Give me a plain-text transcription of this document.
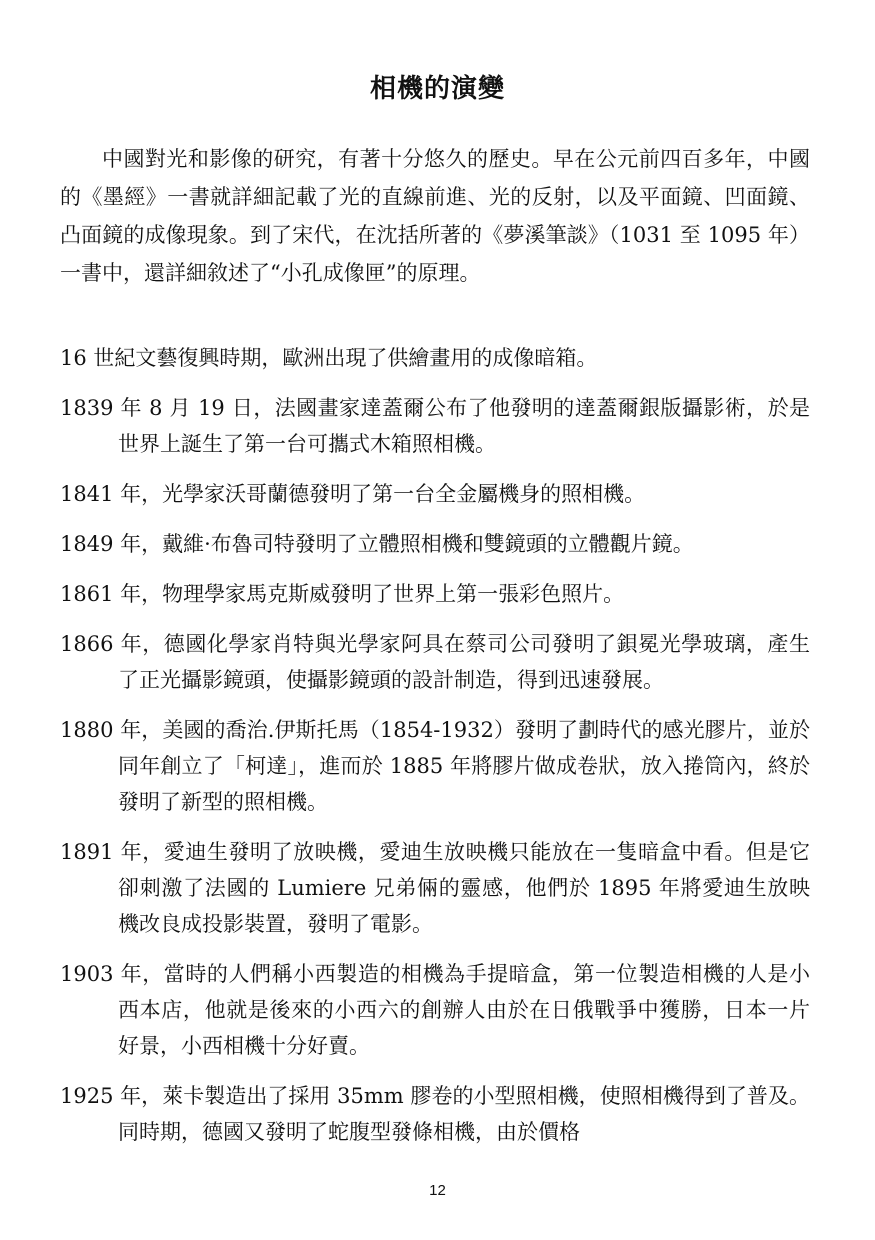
相機的演變

中國對光和影像的研究，有著十分悠久的歷史。早在公元前四百多年，中國的《墨經》一書就詳細記載了光的直線前進、光的反射，以及平面鏡、凹面鏡、凸面鏡的成像現象。到了宋代，在沈括所著的《夢溪筆談》（1031 至 1095 年）一書中，還詳細敘述了“小孔成像匣”的原理。

16 世紀文藝復興時期，歐洲出現了供繪畫用的成像暗箱。
1839 年 8 月 19 日，法國畫家達蓋爾公布了他發明的達蓋爾銀版攝影術，於是世界上誕生了第一台可攜式木箱照相機。
1841 年，光學家沃哥蘭德發明了第一台全金屬機身的照相機。
1849 年，戴維·布魯司特發明了立體照相機和雙鏡頭的立體觀片鏡。
1861 年，物理學家馬克斯威發明了世界上第一張彩色照片。
1866 年，德國化學家肖特與光學家阿具在蔡司公司發明了鋇冕光學玻璃，產生了正光攝影鏡頭，使攝影鏡頭的設計制造，得到迅速發展。
1880 年，美國的喬治.伊斯托馬（1854-1932）發明了劃時代的感光膠片，並於同年創立了「柯達」，進而於 1885 年將膠片做成卷狀，放入捲筒內，終於發明了新型的照相機。
1891 年，愛迪生發明了放映機，愛迪生放映機只能放在一隻暗盒中看。但是它卻刺激了法國的 Lumiere 兄弟倆的靈感，他們於 1895 年將愛迪生放映機改良成投影裝置，發明了電影。
1903 年，當時的人們稱小西製造的相機為手提暗盒，第一位製造相機的人是小西本店，他就是後來的小西六的創辦人由於在日俄戰爭中獲勝，日本一片好景，小西相機十分好賣。
1925 年，萊卡製造出了採用 35mm 膠卷的小型照相機，使照相機得到了普及。同時期，德國又發明了蛇腹型發條相機，由於價格

12
